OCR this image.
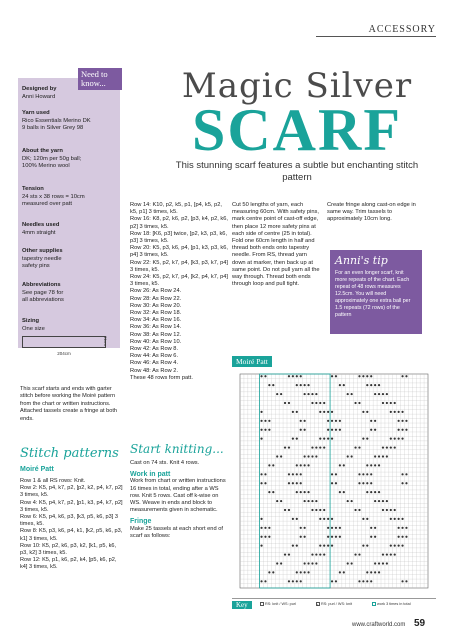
ACCESSORY
Need to know...
Designed by
Anni Howard
Yarn used
Rico Essentials Merino DK
9 balls in Silver Grey 98
About the yarn
DK; 120m per 50g ball;
100% Merino wool
Tension
24 sts x 38 rows = 10cm
measured over patt
Needles used
4mm straight
Other supplies
tapestry needle
safety pins
Abbreviations
See page 78 for
all abbreviations
Sizing
One size
204cm
31cm
This scarf starts and ends with garter stitch before working the Moiré pattern from the chart or written instructions. Attached tassels create a fringe at both ends.
Stitch patterns
Moiré Patt

Row 1 & all RS rows: Knit.

Row 2: K5, p4, k7, p2, [p2, k2, p4, k7, p2] 3 times, k5.

Row 4: K5, p4, k7, p2, [p1, k3, p4, k7, p2] 3 times, k5.

Row 6: K5, p4, k6, p3, [k3, p5, k6, p3] 3 times, k5.

Row 8: K5, p3, k6, p4, k1, [k2, p5, k6, p3, k1] 3 times, k5.

Row 10: K5, p2, k6, p3, k2, [k1, p5, k6, p3, k2] 3 times, k5.

Row 12: K5, p1, k6, p2, k4, [p5, k6, p2, k4] 3 times, k5.

Magic Silver
SCARF
This stunning scarf features a subtle but enchanting stitch pattern

Row 14: K10, p2, k5, p1, [p4, k5, p2, k5, p1] 3 times, k5.

Row 16: K8, p2, k6, p2, [p3, k4, p2, k6, p2] 3 times, k5.

Row 18: [K6, p3] twice, [p2, k3, p3, k6, p3] 3 times, k5.

Row 20: K5, p3, k6, p4, [p1, k3, p3, k6, p4] 3 times, k5.

Row 22: K5, p2, k7, p4, [k3, p3, k7, p4] 3 times, k5.

Row 24: K5, p2, k7, p4, [k2, p4, k7, p4] 3 times, k5.

Row 26: As Row 24.

Row 28: As Row 22.

Row 30: As Row 20.

Row 32: As Row 18.

Row 34: As Row 16.

Row 36: As Row 14.

Row 38: As Row 12.

Row 40: As Row 10.

Row 42: As Row 8.

Row 44: As Row 6.

Row 46: As Row 4.

Row 48: As Row 2.

These 48 rows form patt.

Start knitting...

Cast on 74 sts. Knit 4 rows.

Work in patt

Work from chart or written instructions 16 times in total, ending after a WS row. Knit 5 rows. Cast off k-wise on WS. Weave in ends and block to measurements given in schematic.

Fringe

Make 25 tassels at each short end of scarf as follows:

Cut 50 lengths of yarn, each measuring 60cm. With safety pins, mark centre point of cast-off edge, then place 12 more safety pins at each side of centre (25 in total). Fold one 60cm length in half and thread both ends onto tapestry needle. From RS, thread yarn down at marker, then back up at same point. Do not pull yarn all the way through. Thread both ends through loop and pull tight.
Create fringe along cast-on edge in same way. Trim tassels to approximately 10cm long.
Anni's tip
For an even longer scarf, knit more repeats of the chart. Each repeat of 48 rows measures 12.5cm. You will need approximately one extra ball per 1.5 repeats (72 rows) of the pattern
Moiré Patt
Key	RS: knit / WS: purl	• RS: purl / WS: knit	work 3 times in total
www.craftworld.com 59
